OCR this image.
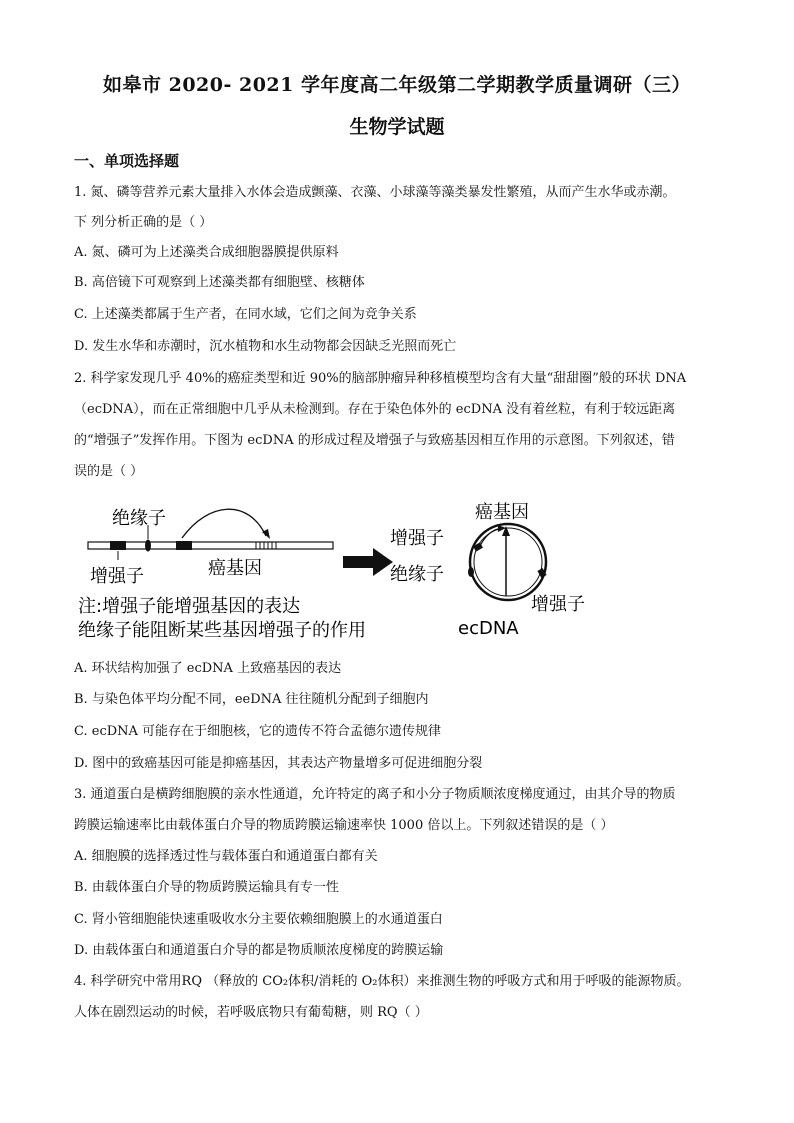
如皋市 2020- 2021 学年度高二年级第二学期教学质量调研（三）
生物学试题
一、单项选择题
1. 氮、磷等营养元素大量排入水体会造成颤藻、衣藻、小球藻等藻类暴发性繁殖，从而产生水华或赤潮。
下 列分析正确的是（ ）
A. 氮、磷可为上述藻类合成细胞器膜提供原料
B. 高倍镜下可观察到上述藻类都有细胞壁、核糖体
C. 上述藻类都属于生产者，在同水域，它们之间为竞争关系
D. 发生水华和赤潮时，沉水植物和水生动物都会因缺乏光照而死亡
2. 科学家发现几乎 40%的癌症类型和近 90%的脑部肿瘤异种移植模型均含有大量“甜甜圈”般的环状 DNA
（ecDNA），而在正常细胞中几乎从未检测到。存在于染色体外的 ecDNA 没有着丝粒，有利于较远距离
的“增强子”发挥作用。下图为 ecDNA 的形成过程及增强子与致癌基因相互作用的示意图。下列叙述，错
误的是（ ）
绝缘子
增强子	癌基因
注:增强子能增强基因的表达
绝缘子能阻断某些基因增强子的作用
癌基因
增强子
绝缘子
增强子
ecDNA
A. 环状结构加强了 ecDNA 上致癌基因的表达
B. 与染色体平均分配不同，eeDNA 往往随机分配到子细胞内
C. ecDNA 可能存在于细胞核，它的遗传不符合孟德尔遗传规律
D. 图中的致癌基因可能是抑癌基因，其表达产物量增多可促进细胞分裂
3. 通道蛋白是横跨细胞膜的亲水性通道，允许特定的离子和小分子物质顺浓度梯度通过，由其介导的物质
跨膜运输速率比由载体蛋白介导的物质跨膜运输速率快 1000 倍以上。下列叙述错误的是（ ）
A. 细胞膜的选择透过性与载体蛋白和通道蛋白都有关
B. 由载体蛋白介导的物质跨膜运输具有专一性
C. 肾小管细胞能快速重吸收水分主要依赖细胞膜上的水通道蛋白
D. 由载体蛋白和通道蛋白介导的都是物质顺浓度梯度的跨膜运输
4. 科学研究中常用RQ （释放的 CO₂体积/消耗的 O₂体积）来推测生物的呼吸方式和用于呼吸的能源物质。
人体在剧烈运动的时候，若呼吸底物只有葡萄糖，则 RQ（ ）
